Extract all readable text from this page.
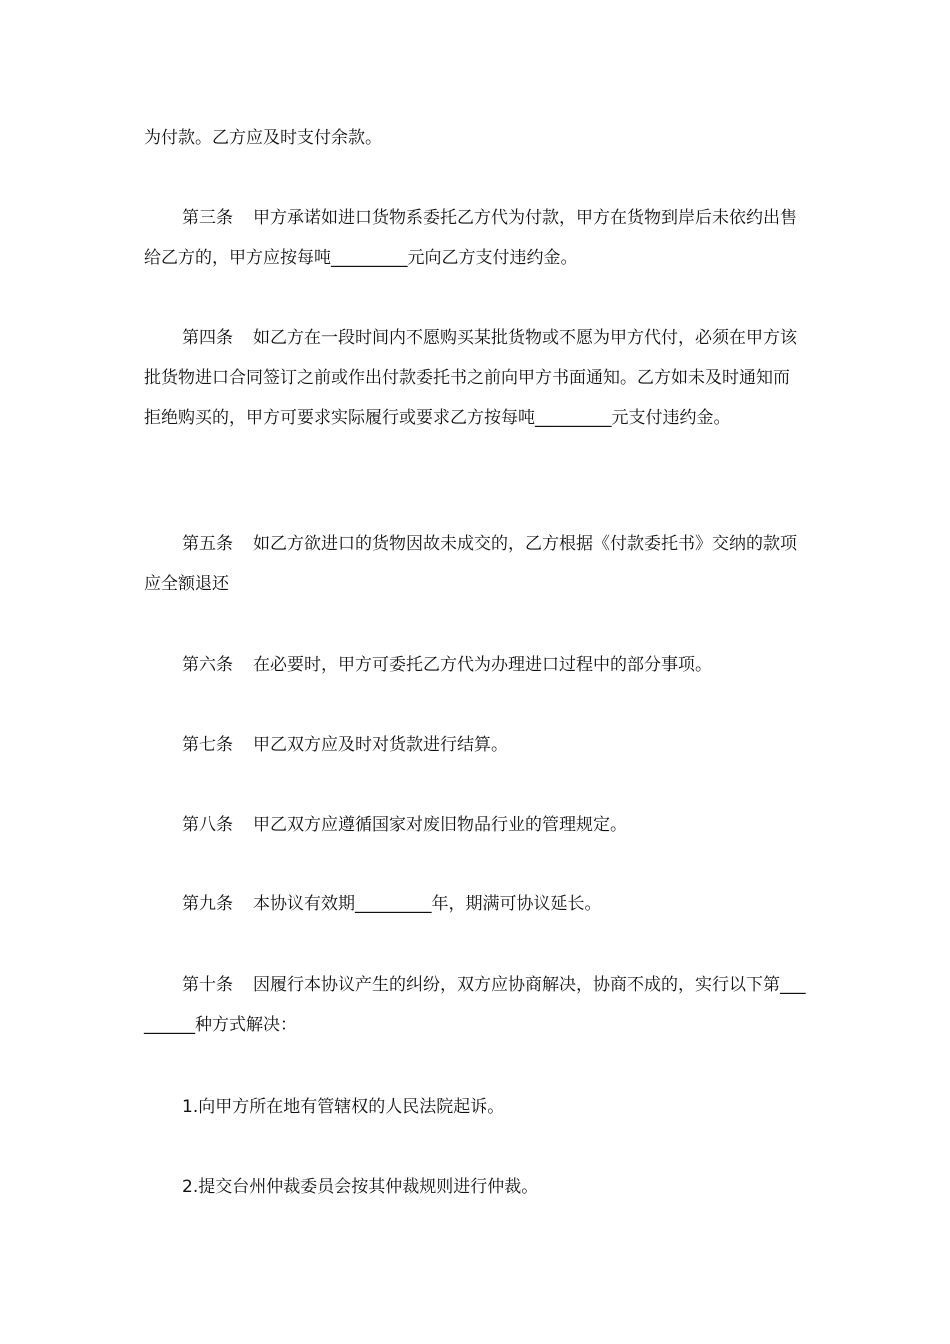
为付款。乙方应及时支付余款。

第三条 甲方承诺如进口货物系委托乙方代为付款，甲方在货物到岸后未依约出售给乙方的，甲方应按每吨_________元向乙方支付违约金。

第四条 如乙方在一段时间内不愿购买某批货物或不愿为甲方代付，必须在甲方该批货物进口合同签订之前或作出付款委托书之前向甲方书面通知。乙方如未及时通知而拒绝购买的，甲方可要求实际履行或要求乙方按每吨_________元支付违约金。

第五条 如乙方欲进口的货物因故未成交的，乙方根据《付款委托书》交纳的款项应全额退还

第六条 在必要时，甲方可委托乙方代为办理进口过程中的部分事项。

第七条 甲乙双方应及时对货款进行结算。

第八条 甲乙双方应遵循国家对废旧物品行业的管理规定。

第九条 本协议有效期_________年，期满可协议延长。

第十条 因履行本协议产生的纠纷，双方应协商解决，协商不成的，实行以下第_________种方式解决：

1.向甲方所在地有管辖权的人民法院起诉。

2.提交台州仲裁委员会按其仲裁规则进行仲裁。
